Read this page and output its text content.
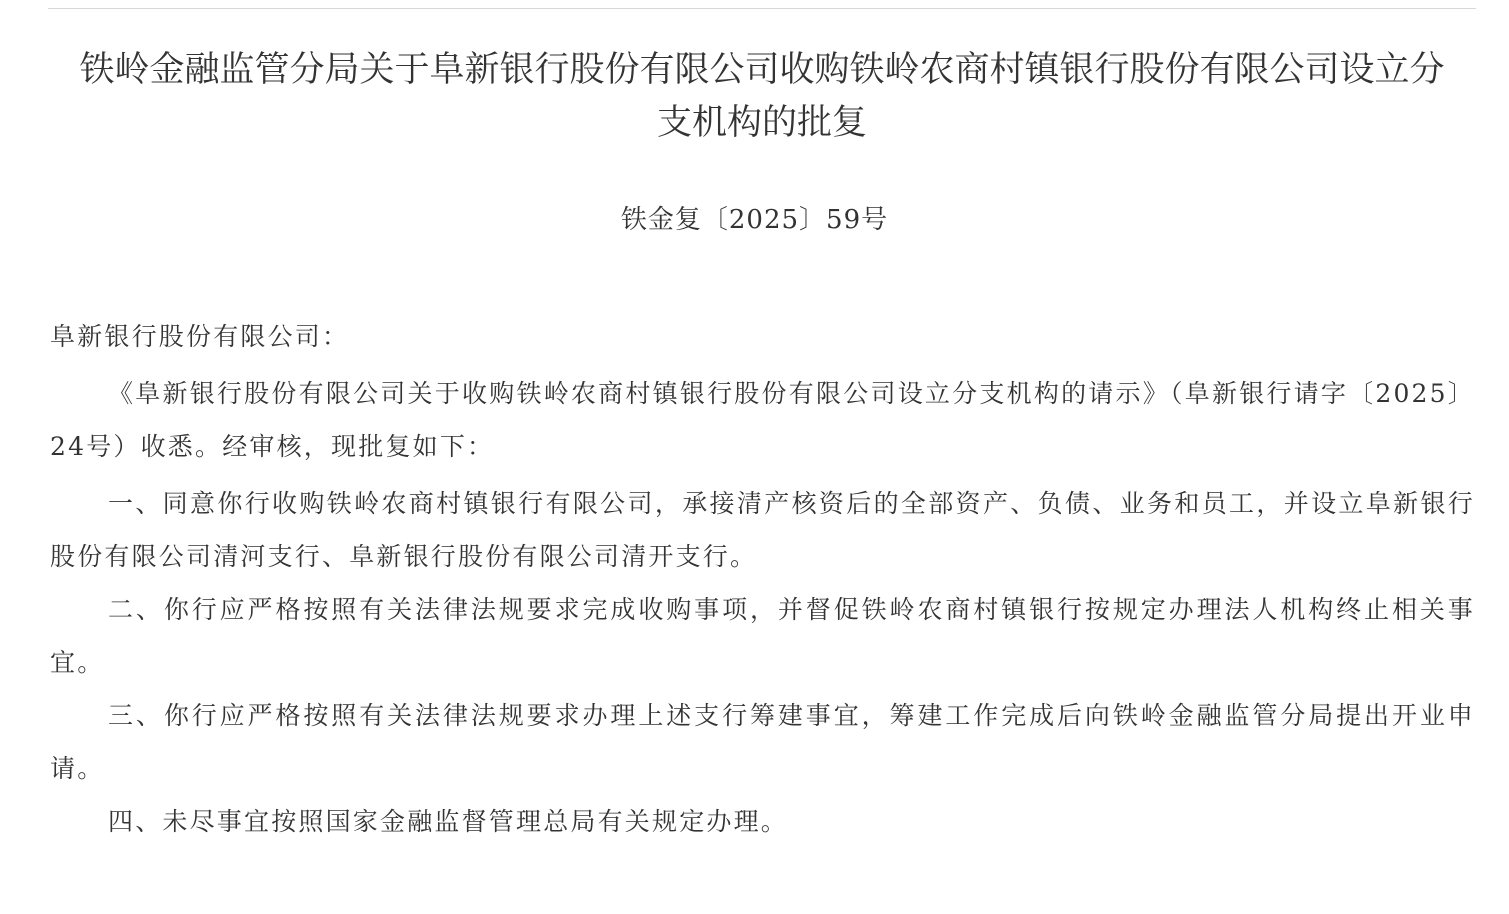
铁岭金融监管分局关于阜新银行股份有限公司收购铁岭农商村镇银行股份有限公司设立分
支机构的批复
铁金复〔2025〕59号

阜新银行股份有限公司：

《阜新银行股份有限公司关于收购铁岭农商村镇银行股份有限公司设立分支机构的请示》（阜新银行请字〔2025〕24号）收悉。经审核，现批复如下：

一、同意你行收购铁岭农商村镇银行有限公司，承接清产核资后的全部资产、负债、业务和员工，并设立阜新银行股份有限公司清河支行、阜新银行股份有限公司清开支行。

二、你行应严格按照有关法律法规要求完成收购事项，并督促铁岭农商村镇银行按规定办理法人机构终止相关事宜。

三、你行应严格按照有关法律法规要求办理上述支行筹建事宜，筹建工作完成后向铁岭金融监管分局提出开业申请。

四、未尽事宜按照国家金融监督管理总局有关规定办理。
